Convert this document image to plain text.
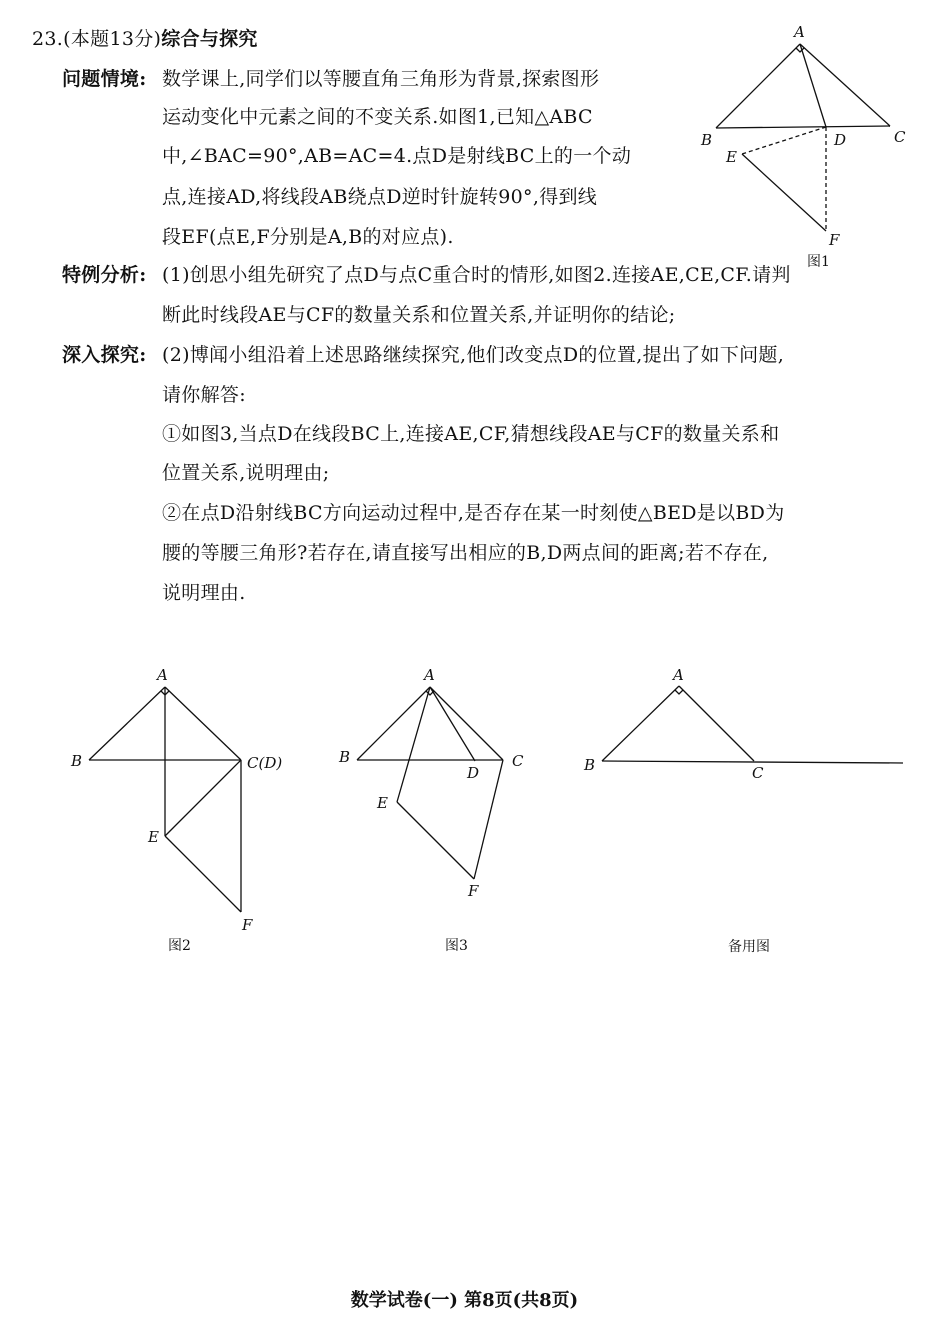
23.(本题13分)综合与探究
问题情境: 数学课上,同学们以等腰直角三角形为背景,探索图形
运动变化中元素之间的不变关系.如图1,已知△ABC
中,∠BAC=90°,AB=AC=4.点D是射线BC上的一个动
点,连接AD,将线段AB绕点D逆时针旋转90°,得到线
段EF(点E,F分别是A,B的对应点).
特例分析: (1)创思小组先研究了点D与点C重合时的情形,如图2.连接AE,CE,CF.请判
断此时线段AE与CF的数量关系和位置关系,并证明你的结论;
深入探究: (2)博闻小组沿着上述思路继续探究,他们改变点D的位置,提出了如下问题,
请你解答:
①如图3,当点D在线段BC上,连接AE,CF,猜想线段AE与CF的数量关系和
位置关系,说明理由;
②在点D沿射线BC方向运动过程中,是否存在某一时刻使△BED是以BD为
腰的等腰三角形?若存在,请直接写出相应的B,D两点间的距离;若不存在,
说明理由.
A
B	C
D
E
F
图1
A
B	C(D)
E
F
图2
A
B	C
D
E
F
图3
A
B	C
备用图
数学试卷(一) 第8页(共8页)
